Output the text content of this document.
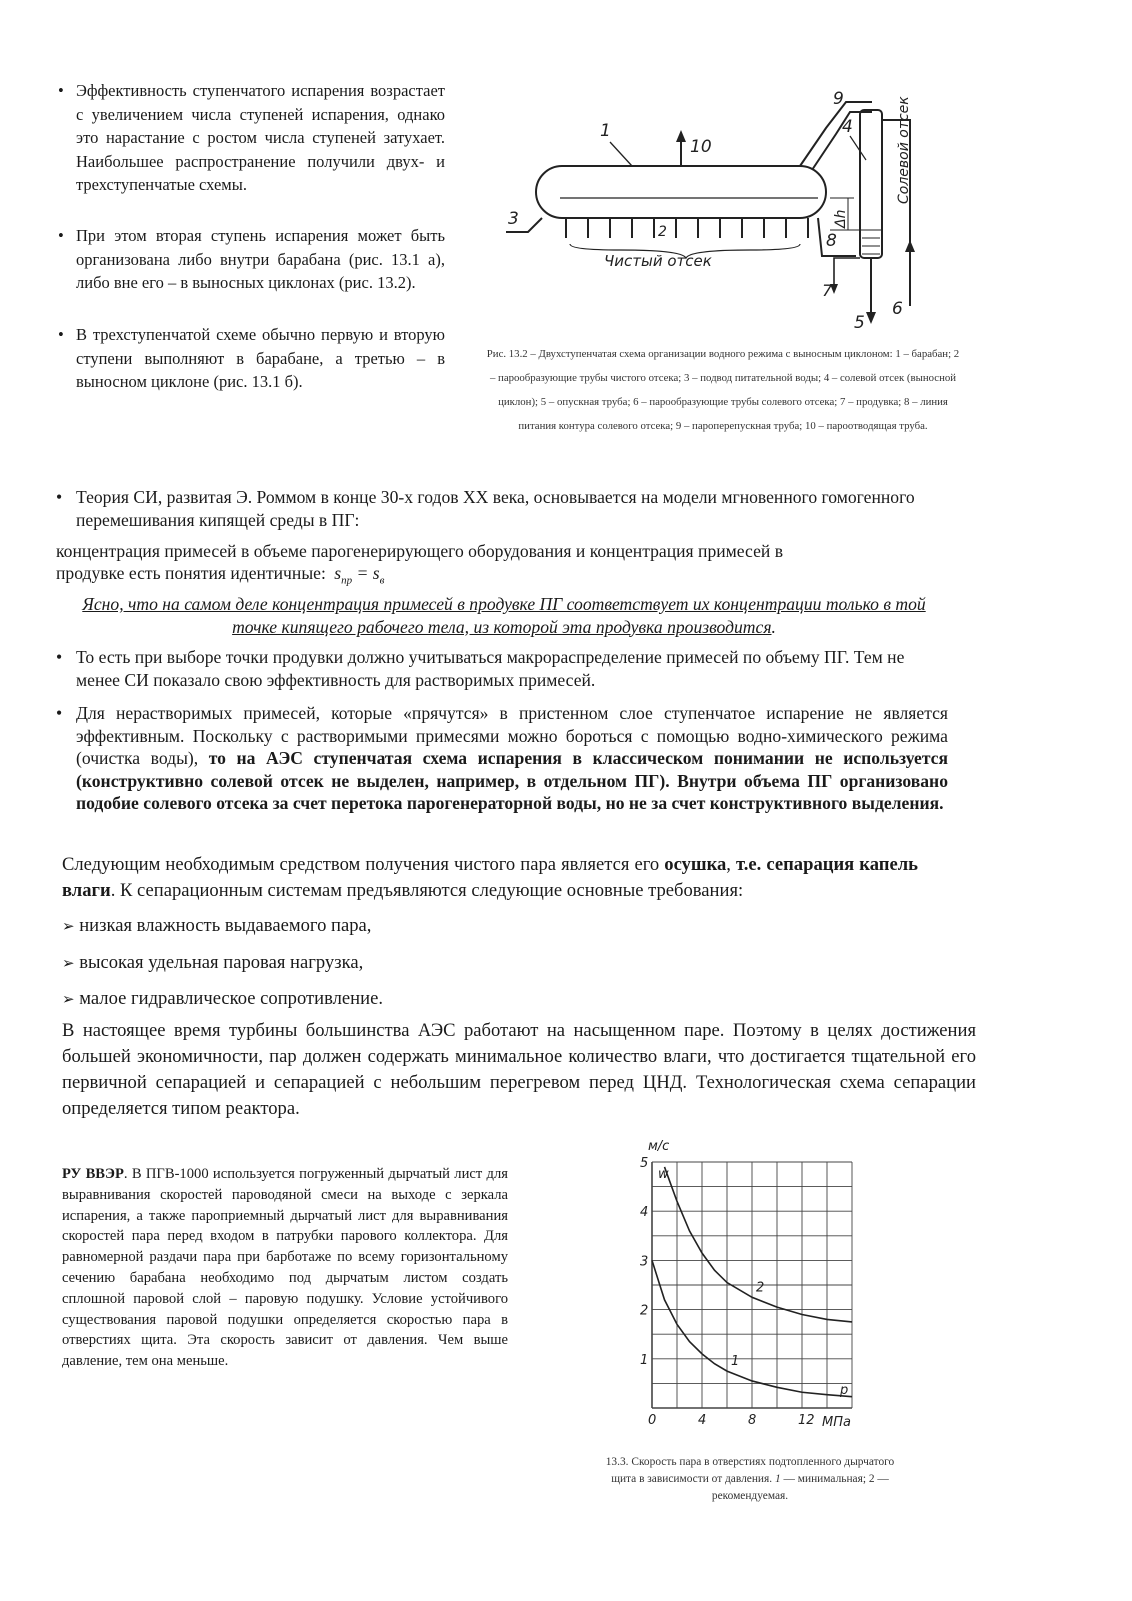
• Эффективность ступенчатого испарения возрастает с увеличением числа ступеней испарения, однако это нарастание с ростом числа ступеней затухает. Наибольшее распространение получили двух- и трехступенчатые схемы.
• При этом вторая ступень испарения может быть организована либо внутри барабана (рис. 13.1 а), либо вне его – в выносных циклонах (рис. 13.2).
• В трехступенчатой схеме обычно первую и вторую ступени выполняют в барабане, а третью – в выносном циклоне (рис. 13.1 б).
1
10
3
2
Чистый отсек
9
4	Солевой отсек
Δh
8
5
7
6
Рис. 13.2 – Двухступенчатая схема организации водного режима с выносным циклоном: 1 – барабан; 2 – парообразующие трубы чистого отсека; 3 – подвод питательной воды; 4 – солевой отсек (выносной циклон); 5 – опускная труба; 6 – парообразующие трубы солевого отсека; 7 – продувка; 8 – линия питания контура солевого отсека; 9 – пароперепускная труба; 10 – пароотводящая труба.
• Теория СИ, развитая Э. Роммом в конце 30-х годов XX века, основывается на модели мгновенного гомогенного перемешивания кипящей среды в ПГ:
концентрация примесей в объеме парогенерирующего оборудования и концентрация примесей в
продувке есть понятия идентичные: $s_{пр} = s_в$
Ясно, что на самом деле концентрация примесей в продувке ПГ соответствует их концентрации только в той точке кипящего рабочего тела, из которой эта продувка производится.
• То есть при выборе точки продувки должно учитываться макрораспределение примесей по объему ПГ. Тем не менее СИ показало свою эффективность для растворимых примесей.
• Для нерастворимых примесей, которые «прячутся» в пристенном слое ступенчатое испарение не является эффективным. Поскольку с растворимыми примесями можно бороться с помощью водно-химического режима (очистка воды), то на АЭС ступенчатая схема испарения в классическом понимании не используется (конструктивно солевой отсек не выделен, например, в отдельном ПГ). Внутри объема ПГ организовано подобие солевого отсека за счет перетока парогенераторной воды, но не за счет конструктивного выделения.
Следующим необходимым средством получения чистого пара является его осушка, т.е. сепарация капель влаги. К сепарационным системам предъявляются следующие основные требования:
➢ низкая влажность выдаваемого пара,
➢ высокая удельная паровая нагрузка,
➢ малое гидравлическое сопротивление.
В настоящее время турбины большинства АЭС работают на насыщенном паре. Поэтому в целях достижения большей экономичности, пар должен содержать минимальное количество влаги, что достигается тщательной его первичной сепарацией и сепарацией с небольшим перегревом перед ЦНД. Технологическая схема сепарации определяется типом реактора.
РУ ВВЭР. В ПГВ-1000 используется погруженный дырчатый лист для выравнивания скоростей пароводяной смеси на выходе с зеркала испарения, а также пароприемный дырчатый лист для выравнивания скоростей пара перед входом в патрубки парового коллектора. Для равномерной раздачи пара при барботаже по всему горизонтальному сечению барабана необходимо под дырчатым листом создать сплошной паровой слой – паровую подушку. Условие устойчивого существования паровой подушки определяется скоростью пара в отверстиях щита. Эта скорость зависит от давления. Чем выше давление, тем она меньше.
0	4	8	12
1
2
3
4
5
1
2
м/с
w
p
МПа
13.3. Скорость пара в отверстиях подтопленного дырчатого щита в зависимости от давления. 1 — минимальная; 2 — рекомендуемая.
